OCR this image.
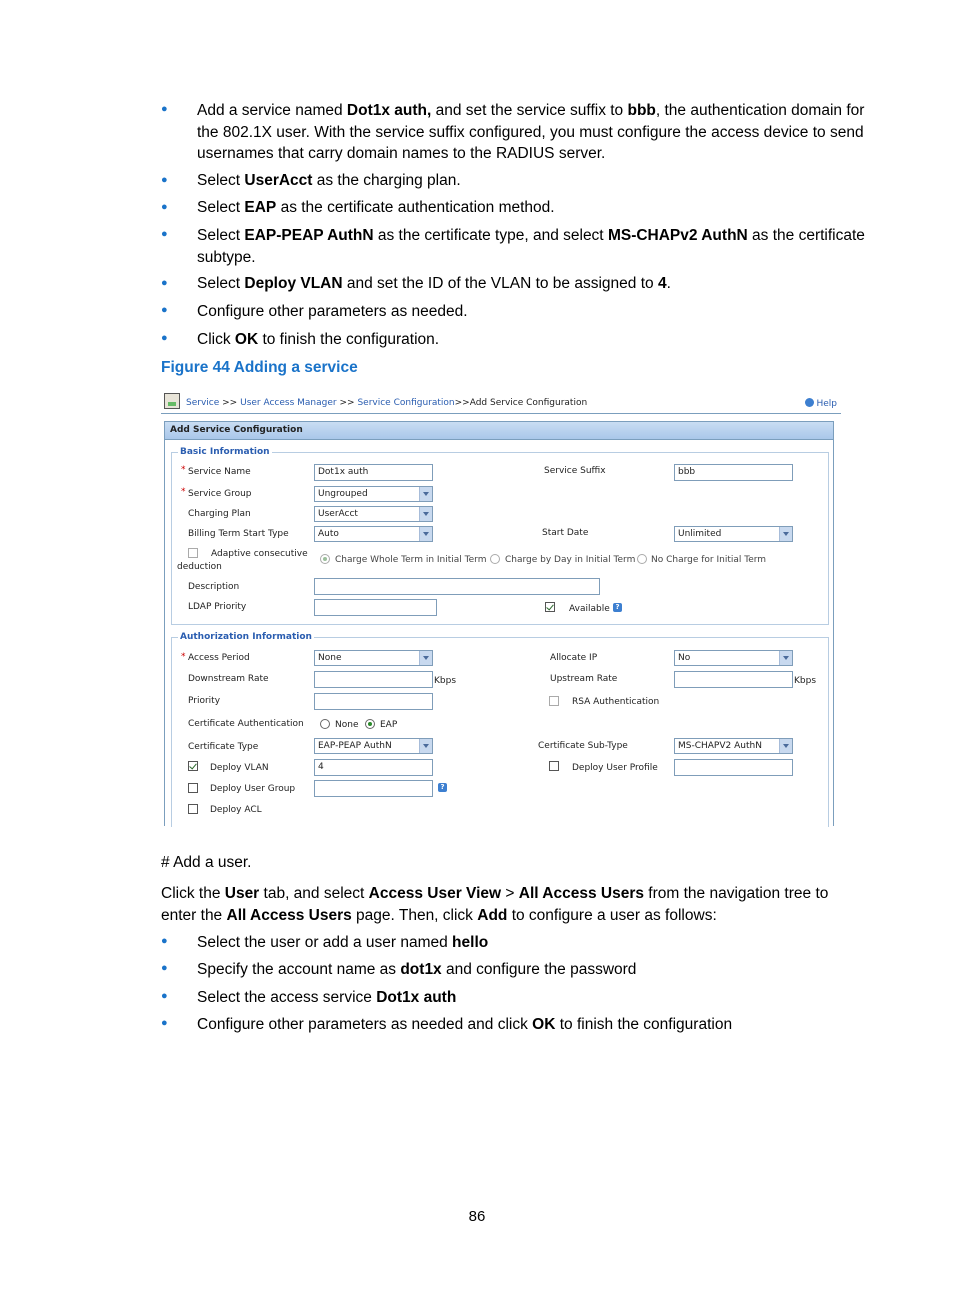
● Add a service named Dot1x auth, and set the service suffix to bbb, the authentication domain for the 802.1X user. With the service suffix configured, you must configure the access device to send usernames that carry domain names to the RADIUS server.
● Select UserAcct as the charging plan.
● Select EAP as the certificate authentication method.
● Select EAP-PEAP AuthN as the certificate type, and select MS-CHAPv2 AuthN as the certificate subtype.
● Select Deploy VLAN and set the ID of the VLAN to be assigned to 4.
● Configure other parameters as needed.
● Click OK to finish the configuration.
Figure 44 Adding a service
Service >> User Access Manager >> Service Configuration>>Add Service Configuration	Help
Add Service Configuration
Basic Information
* Service Name	Dot1x auth	Service Suffix	bbb
* Service Group	Ungrouped
Charging Plan	UserAcct
Billing Term Start Type	Auto	Start Date	Unlimited
Adaptive consecutive
deduction
Charge Whole Term in Initial Term Charge by Day in Initial Term No Charge for Initial Term
Description
LDAP Priority	Available ?
Authorization Information
* Access Period	None	Allocate IP	No
Downstream Rate	Kbps	Upstream Rate	Kbps
Priority	RSA Authentication
Certificate Authentication	None EAP
Certificate Type	EAP-PEAP AuthN	Certificate Sub-Type	MS-CHAPV2 AuthN
Deploy VLAN	4	Deploy User Profile
Deploy User Group	?
Deploy ACL
# Add a user.
Click the User tab, and select Access User View > All Access Users from the navigation tree to enter the All Access Users page. Then, click Add to configure a user as follows:
● Select the user or add a user named hello
● Specify the account name as dot1x and configure the password
● Select the access service Dot1x auth
● Configure other parameters as needed and click OK to finish the configuration
86
